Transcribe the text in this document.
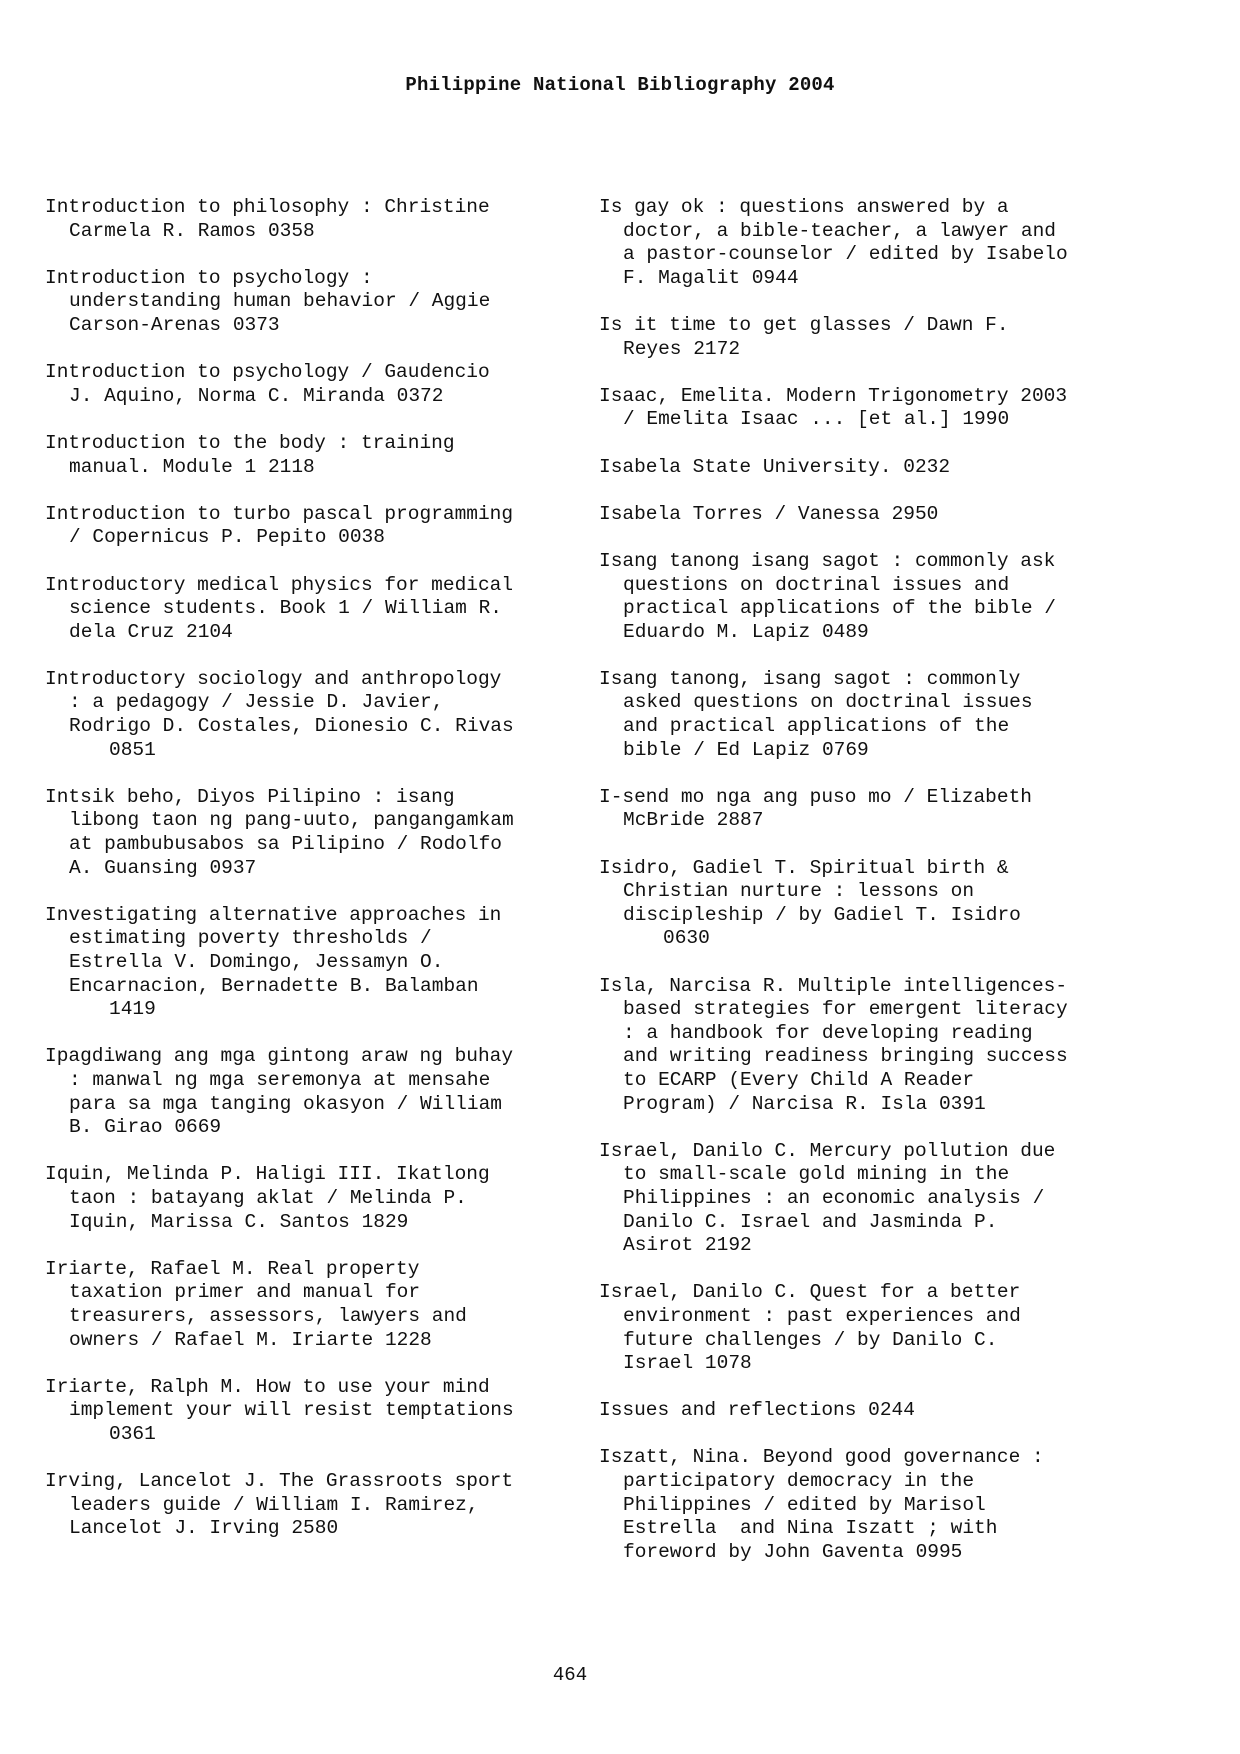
Philippine National Bibliography 2004
Introduction to philosophy : Christine
Carmela R. Ramos 0358
Introduction to psychology :
understanding human behavior / Aggie
Carson-Arenas 0373
Introduction to psychology / Gaudencio
J. Aquino, Norma C. Miranda 0372
Introduction to the body : training
manual. Module 1 2118
Introduction to turbo pascal programming
/ Copernicus P. Pepito 0038
Introductory medical physics for medical
science students. Book 1 / William R.
dela Cruz 2104
Introductory sociology and anthropology
: a pedagogy / Jessie D. Javier,
Rodrigo D. Costales, Dionesio C. Rivas
0851
Intsik beho, Diyos Pilipino : isang
libong taon ng pang-uuto, pangangamkam
at pambubusabos sa Pilipino / Rodolfo
A. Guansing 0937
Investigating alternative approaches in
estimating poverty thresholds /
Estrella V. Domingo, Jessamyn O.
Encarnacion, Bernadette B. Balamban
1419
Ipagdiwang ang mga gintong araw ng buhay
: manwal ng mga seremonya at mensahe
para sa mga tanging okasyon / William
B. Girao 0669
Iquin, Melinda P. Haligi III. Ikatlong
taon : batayang aklat / Melinda P.
Iquin, Marissa C. Santos 1829
Iriarte, Rafael M. Real property
taxation primer and manual for
treasurers, assessors, lawyers and
owners / Rafael M. Iriarte 1228
Iriarte, Ralph M. How to use your mind
implement your will resist temptations
0361
Irving, Lancelot J. The Grassroots sport
leaders guide / William I. Ramirez,
Lancelot J. Irving 2580
Is gay ok : questions answered by a
doctor, a bible-teacher, a lawyer and
a pastor-counselor / edited by Isabelo
F. Magalit 0944
Is it time to get glasses / Dawn F.
Reyes 2172
Isaac, Emelita. Modern Trigonometry 2003
/ Emelita Isaac ... [et al.] 1990
Isabela State University. 0232
Isabela Torres / Vanessa 2950
Isang tanong isang sagot : commonly ask
questions on doctrinal issues and
practical applications of the bible /
Eduardo M. Lapiz 0489
Isang tanong, isang sagot : commonly
asked questions on doctrinal issues
and practical applications of the
bible / Ed Lapiz 0769
I-send mo nga ang puso mo / Elizabeth
McBride 2887
Isidro, Gadiel T. Spiritual birth &
Christian nurture : lessons on
discipleship / by Gadiel T. Isidro
0630
Isla, Narcisa R. Multiple intelligences-
based strategies for emergent literacy
: a handbook for developing reading
and writing readiness bringing success
to ECARP (Every Child A Reader
Program) / Narcisa R. Isla 0391
Israel, Danilo C. Mercury pollution due
to small-scale gold mining in the
Philippines : an economic analysis /
Danilo C. Israel and Jasminda P.
Asirot 2192
Israel, Danilo C. Quest for a better
environment : past experiences and
future challenges / by Danilo C.
Israel 1078
Issues and reflections 0244
Iszatt, Nina. Beyond good governance :
participatory democracy in the
Philippines / edited by Marisol
Estrella  and Nina Iszatt ; with
foreword by John Gaventa 0995
464
